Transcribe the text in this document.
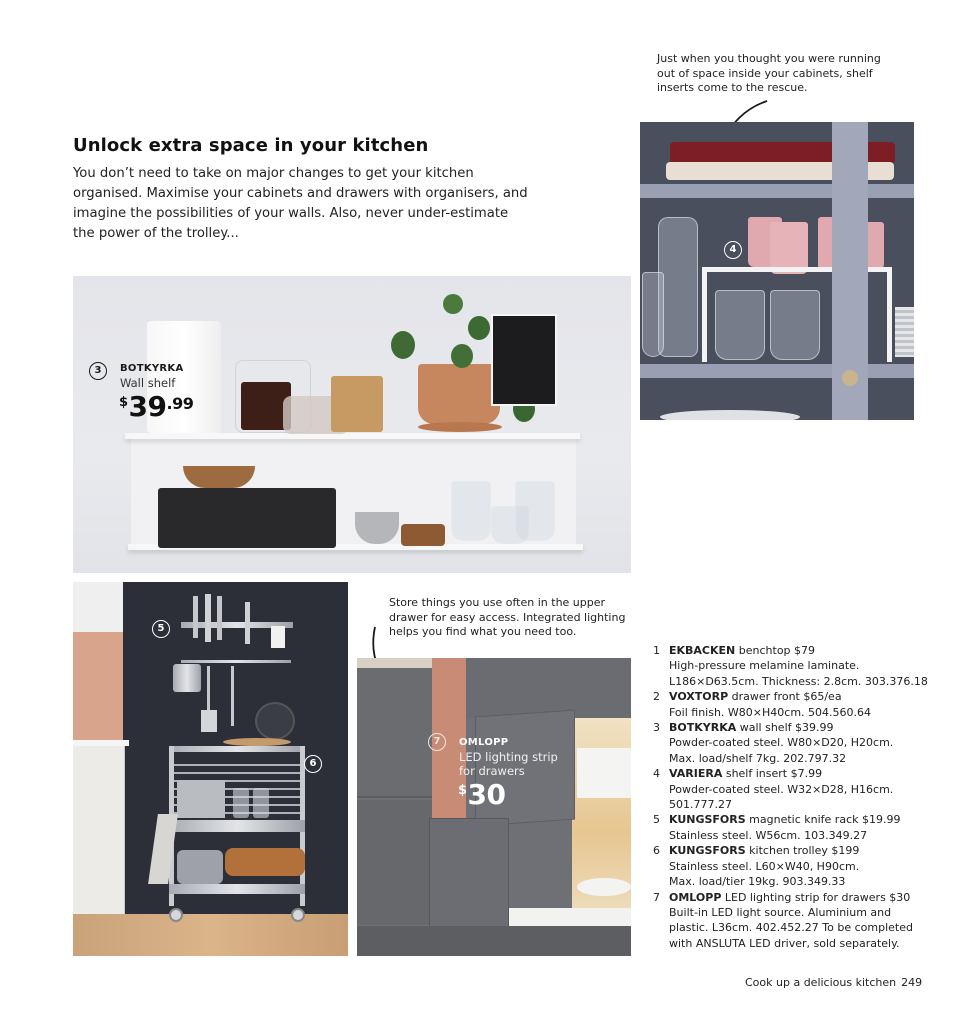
Just when you thought you were running out of space inside your cabinets, shelf inserts come to the rescue.
Unlock extra space in your kitchen

You don’t need to take on major changes to get your kitchen organised. Maximise your cabinets and drawers with organisers, and imagine the possibilities of your walls. Also, never under-estimate the power of the trolley...

4
3	BOTKYRKA
Wall shelf
$ 39 .99
5
6
Store things you use often in the upper drawer for easy access. Integrated lighting helps you find what you need too.
7	OMLOPP
LED lighting strip
for drawers
$ 30
1 EKBACKEN benchtop $79
High-pressure melamine laminate.
L186×D63.5cm. Thickness: 2.8cm. 303.376.18
2 VOXTORP drawer front $65/ea
Foil finish. W80×H40cm. 504.560.64
3 BOTKYRKA wall shelf $39.99
Powder-coated steel. W80×D20, H20cm.
Max. load/shelf 7kg. 202.797.32
4 VARIERA shelf insert $7.99
Powder-coated steel. W32×D28, H16cm.
501.777.27
5 KUNGSFORS magnetic knife rack $19.99
Stainless steel. W56cm. 103.349.27
6 KUNGSFORS kitchen trolley $199
Stainless steel. L60×W40, H90cm.
Max. load/tier 19kg. 903.349.33
7 OMLOPP LED lighting strip for drawers $30
Built-in LED light source. Aluminium and
plastic. L36cm. 402.452.27 To be completed
with ANSLUTA LED driver, sold separately.
Cook up a delicious kitchen 249
